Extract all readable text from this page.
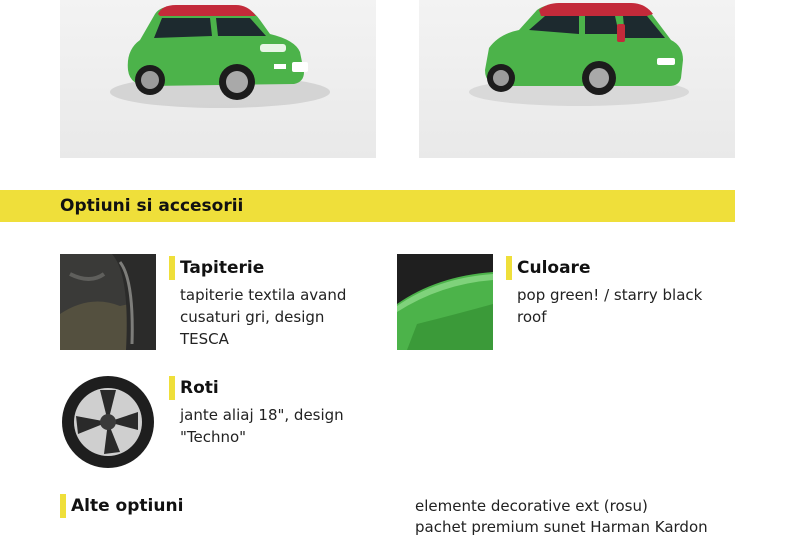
Optiuni si accesorii
Tapiterie
tapiterie textila avand cusaturi gri, design TESCA
Culoare
pop green! / starry black roof
Roti
jante aliaj 18", design "Techno"
Alte optiuni	elemente decorative ext (rosu)
pachet premium sunet Harman Kardon
